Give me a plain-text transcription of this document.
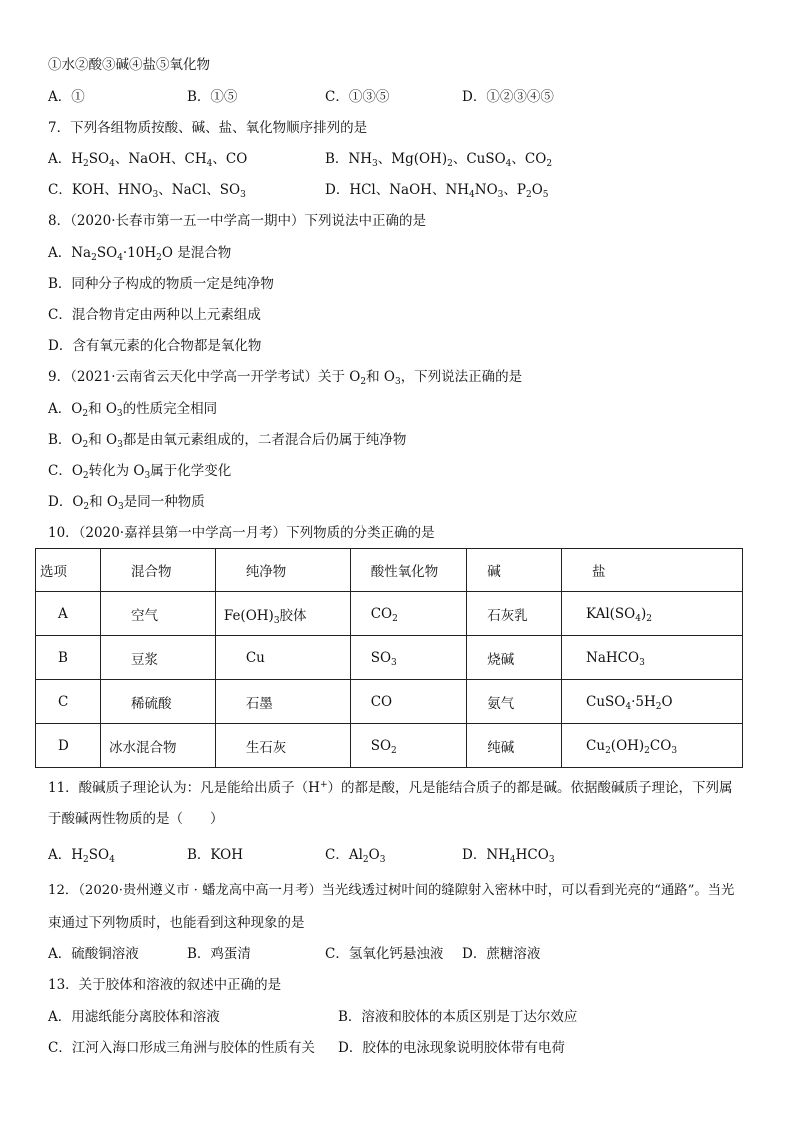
①水②酸③碱④盐⑤氧化物
A．①	B．①⑤	C．①③⑤	D．①②③④⑤
7．下列各组物质按酸、碱、盐、氧化物顺序排列的是
A．$H_2SO_4$、NaOH、$CH_4$、CO	B．$NH_3$、$Mg(OH)_2$、CuSO$_4$、$CO_2$
C．KOH、$HNO_3$、NaCl、$SO_3$	D．HCl、NaOH、$NH_4NO_3$、$P_2O_5$
8．（2020·长春市第一五一中学高一期中）下列说法中正确的是
A．$Na_2SO_4\cdot 10H_2O$ 是混合物
B．同种分子构成的物质一定是纯净物
C．混合物肯定由两种以上元素组成
D．含有氧元素的化合物都是氧化物
9．（2021·云南省云天化中学高一开学考试）关于 $O_2$和 $O_3$，下列说法正确的是
A．$O_2$和 $O_3$的性质完全相同
B．$O_2$和 $O_3$都是由氧元素组成的，二者混合后仍属于纯净物
C．$O_2$转化为 $O_3$属于化学变化
D．$O_2$和 $O_3$是同一种物质
10．（2020·嘉祥县第一中学高一月考）下列物质的分类正确的是
选项	混合物	纯净物	酸性氧化物	碱	盐
A	空气	$Fe(OH)_3$胶体	$CO_2$	石灰乳	$KAl(SO_4)_2$
B	豆浆	Cu	$SO_3$	烧碱	NaHCO$_3$
C	稀硫酸	石墨	CO	氨气	$CuSO_4\cdot 5H_2O$
D	冰水混合物	生石灰	$SO_2$	纯碱	$Cu_2(OH)_2CO_3$
11．酸碱质子理论认为：凡是能给出质子（H+）的都是酸，凡是能结合质子的都是碱。依据酸碱质子理论，下列属
于酸碱两性物质的是（　　）
A．$H_2SO_4$	B．KOH	C．$Al_2O_3$	D．$NH_4HCO_3$
12．（2020·贵州遵义市 · 蟠龙高中高一月考）当光线透过树叶间的缝隙射入密林中时，可以看到光亮的“通路”。当光
束通过下列物质时，也能看到这种现象的是
A．硫酸铜溶液	B．鸡蛋清	C．氢氧化钙悬浊液 D．蔗糖溶液
13．关于胶体和溶液的叙述中正确的是
A．用滤纸能分离胶体和溶液	B．溶液和胶体的本质区别是丁达尔效应
C．江河入海口形成三角洲与胶体的性质有关 D．胶体的电泳现象说明胶体带有电荷
